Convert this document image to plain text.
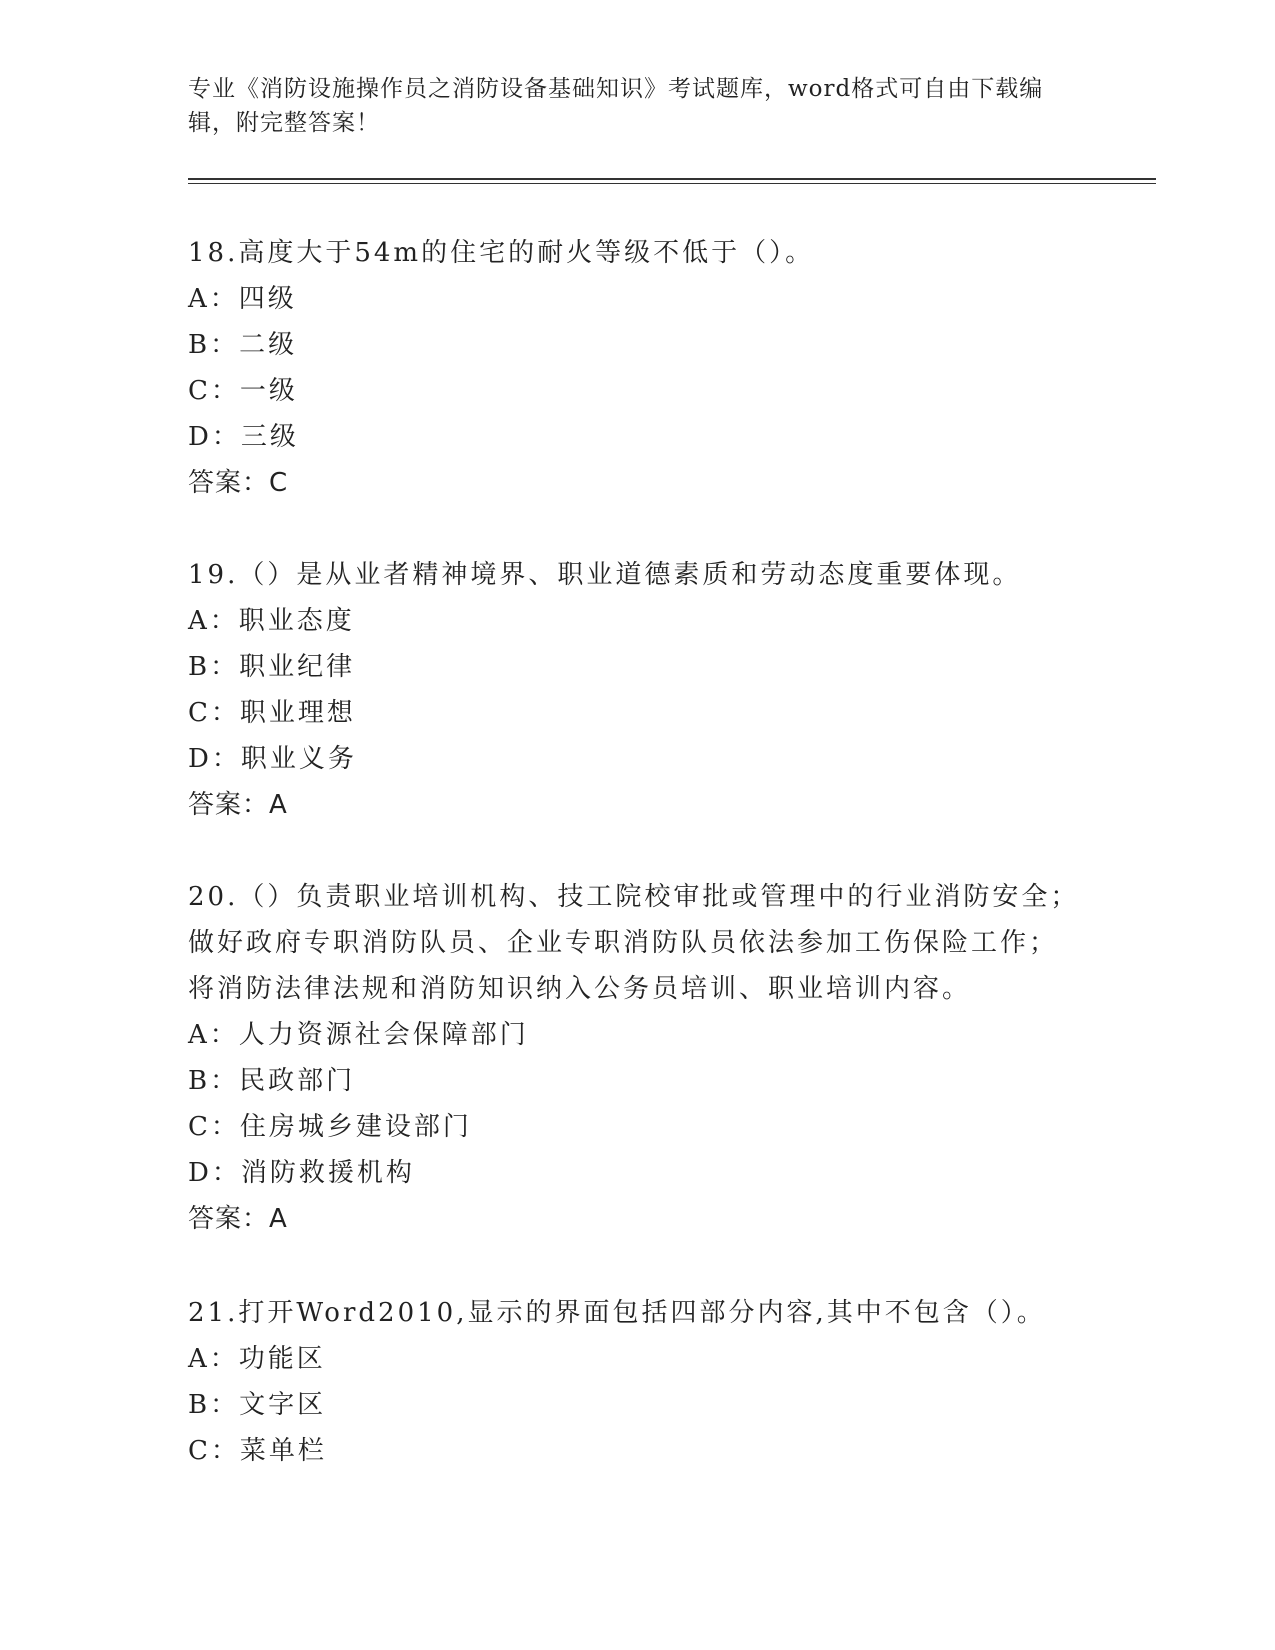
专业《消防设施操作员之消防设备基础知识》考试题库，word格式可自由下载编
辑，附完整答案！
18.高度大于54m的住宅的耐火等级不低于（）。
A：四级
B：二级
C：一级
D：三级
答案：C
19.（）是从业者精神境界、职业道德素质和劳动态度重要体现。
A：职业态度
B：职业纪律
C：职业理想
D：职业义务
答案：A
20.（）负责职业培训机构、技工院校审批或管理中的行业消防安全；
做好政府专职消防队员、企业专职消防队员依法参加工伤保险工作；
将消防法律法规和消防知识纳入公务员培训、职业培训内容。
A：人力资源社会保障部门
B：民政部门
C：住房城乡建设部门
D：消防救援机构
答案：A
21.打开Word2010,显示的界面包括四部分内容,其中不包含（）。
A：功能区
B：文字区
C：菜单栏
